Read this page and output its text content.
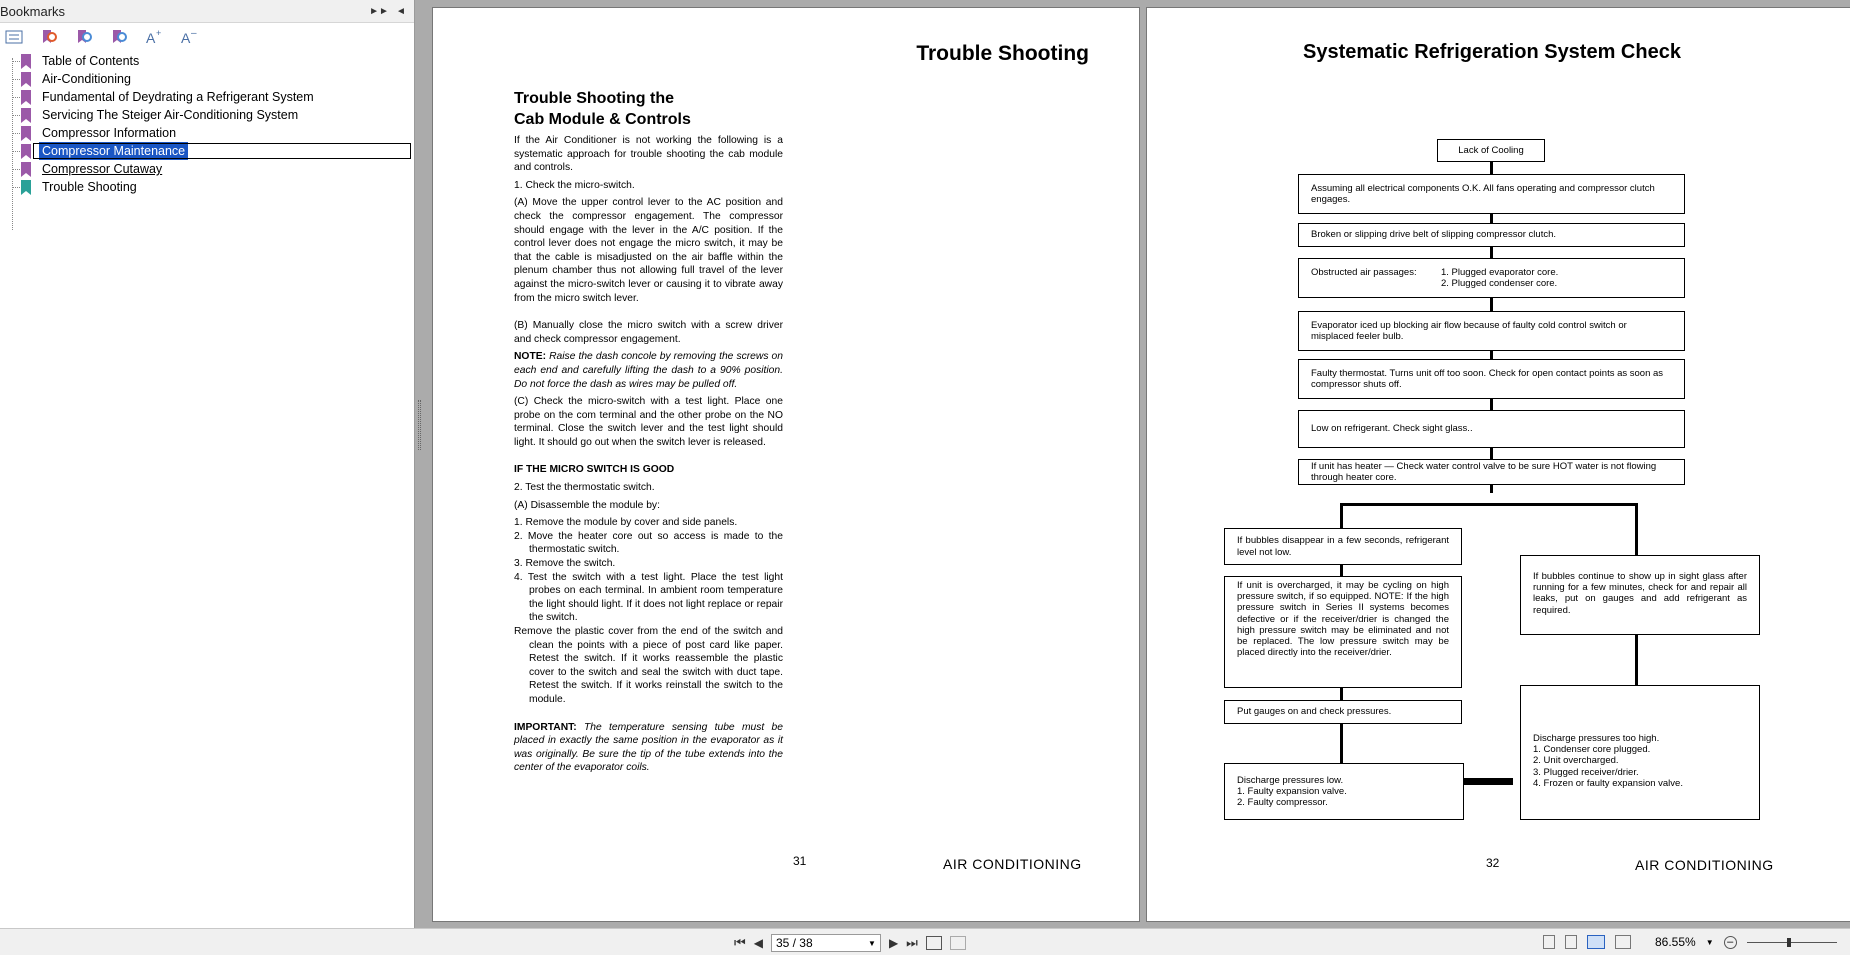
Bookmarks	►► ◄
A + A –
Table of Contents
Air-Conditioning
Fundamental of Deydrating a Refrigerant System
Servicing The Steiger Air-Conditioning System
Compressor Information
Compressor Maintenance
Compressor Cutaway
Trouble Shooting
Trouble Shooting
Trouble Shooting the
Cab Module & Controls

If the Air Conditioner is not working the following is a systematic approach for trouble shooting the cab module and controls.

1. Check the micro-switch.

(A) Move the upper control lever to the AC position and check the compressor engagement. The compressor should engage with the lever in the A/C position. If the control lever does not engage the micro switch, it may be that the cable is misadjusted on the air baffle within the plenum chamber thus not allowing full travel of the lever against the micro-switch lever or causing it to vibrate away from the micro switch lever.

(B) Manually close the micro switch with a screw driver and check compressor engagement.

NOTE: Raise the dash concole by removing the screws on each end and carefully lifting the dash to a 90% position. Do not force the dash as wires may be pulled off.

(C) Check the micro-switch with a test light. Place one probe on the com terminal and the other probe on the NO terminal. Close the switch lever and the test light should light. It should go out when the switch lever is released.

IF THE MICRO SWITCH IS GOOD

2. Test the thermostatic switch.

(A) Disassemble the module by:

1. Remove the module by cover and side panels.
2. Move the heater core out so access is made to the thermostatic switch.
3. Remove the switch.
4. Test the switch with a test light. Place the test light probes on each terminal. In ambient room temperature the light should light. If it does not light replace or repair the switch.

Remove the plastic cover from the end of the switch and clean the points with a piece of post card like paper. Retest the switch. If it works reassemble the plastic cover to the switch and seal the switch with duct tape. Retest the switch. If it works reinstall the switch to the module.

IMPORTANT: The temperature sensing tube must be placed in exactly the same position in the evaporator as it was originally. Be sure the tip of the tube extends into the center of the evaporator coils.

31	AIR CONDITIONING
Systematic Refrigeration System Check
Lack of Cooling
Assuming all electrical components O.K. All fans operating and compressor clutch engages.
Broken or slipping drive belt of slipping compressor clutch.
Obstructed air passages:	1. Plugged evaporator core.
2. Plugged condenser core.
Evaporator iced up blocking air flow because of faulty cold control switch or misplaced feeler bulb.
Faulty thermostat. Turns unit off too soon. Check for open contact points as soon as compressor shuts off.
Low on refrigerant. Check sight glass..
If unit has heater — Check water control valve to be sure HOT water is not flowing through heater core.
If bubbles disappear in a few seconds, refrigerant level not low.
If unit is overcharged, it may be cycling on high pressure switch, if so equipped. NOTE: If the high pressure switch in Series II systems becomes defective or if the receiver/drier is changed the high pressure switch may be eliminated and not be replaced. The low pressure switch may be placed directly into the receiver/drier.
Put gauges on and check pressures.
Discharge pressures low.
1. Faulty expansion valve.
2. Faulty compressor.
If bubbles continue to show up in sight glass after running for a few minutes, check for and repair all leaks, put on gauges and add refrigerant as required.
Discharge pressures too high.
1. Condenser core plugged.
2. Unit overcharged.
3. Plugged receiver/drier.
4. Frozen or faulty expansion valve.
32	AIR CONDITIONING
⏮ ◀ 35 / 38	▼ ▶ ⏭	86.55% ▼	–
